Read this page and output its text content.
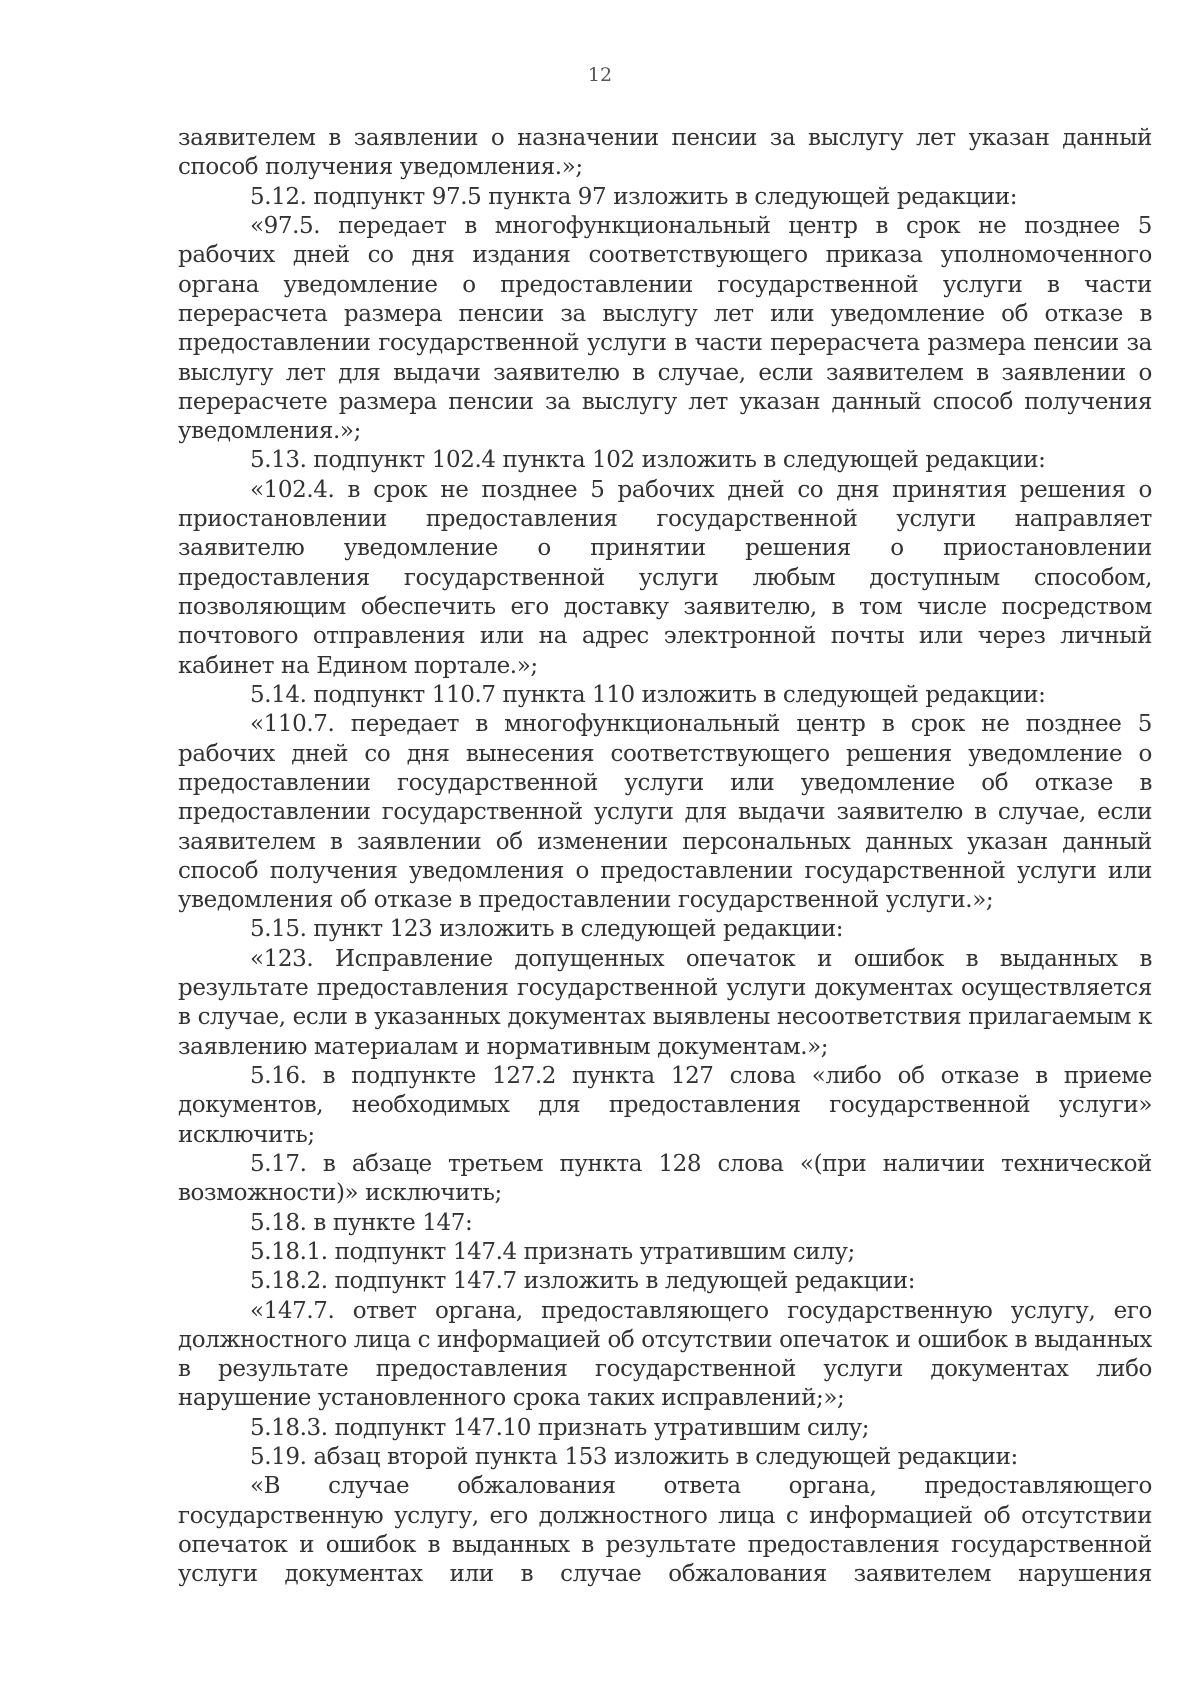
12

заявителем в заявлении о назначении пенсии за выслугу лет указан данный способ получения уведомления.»;

5.12. подпункт 97.5 пункта 97 изложить в следующей редакции:

«97.5. передает в многофункциональный центр в срок не позднее 5 рабочих дней со дня издания соответствующего приказа уполномоченного органа уведомление о предоставлении государственной услуги в части перерасчета размера пенсии за выслугу лет или уведомление об отказе в предоставлении государственной услуги в части перерасчета размера пенсии за выслугу лет для выдачи заявителю в случае, если заявителем в заявлении о перерасчете размера пенсии за выслугу лет указан данный способ получения уведомления.»;

5.13. подпункт 102.4 пункта 102 изложить в следующей редакции:

«102.4. в срок не позднее 5 рабочих дней со дня принятия решения о приостановлении предоставления государственной услуги направляет заявителю уведомление о принятии решения о приостановлении предоставления государственной услуги любым доступным способом, позволяющим обеспечить его доставку заявителю, в том числе посредством почтового отправления или на адрес электронной почты или через личный кабинет на Едином портале.»;

5.14. подпункт 110.7 пункта 110 изложить в следующей редакции:

«110.7. передает в многофункциональный центр в срок не позднее 5 рабочих дней со дня вынесения соответствующего решения уведомление о предоставлении государственной услуги или уведомление об отказе в предоставлении государственной услуги для выдачи заявителю в случае, если заявителем в заявлении об изменении персональных данных указан данный способ получения уведомления о предоставлении государственной услуги или уведомления об отказе в предоставлении государственной услуги.»;

5.15. пункт 123 изложить в следующей редакции:

«123. Исправление допущенных опечаток и ошибок в выданных в результате предоставления государственной услуги документах осуществляется в случае, если в указанных документах выявлены несоответствия прилагаемым к заявлению материалам и нормативным документам.»;

5.16. в подпункте 127.2 пункта 127 слова «либо об отказе в приеме документов, необходимых для предоставления государственной услуги» исключить;

5.17. в абзаце третьем пункта 128 слова «(при наличии технической возможности)» исключить;

5.18. в пункте 147:

5.18.1. подпункт 147.4 признать утратившим силу;

5.18.2. подпункт 147.7 изложить в ледующей редакции:

«147.7. ответ органа, предоставляющего государственную услугу, его должностного лица с информацией об отсутствии опечаток и ошибок в выданных в результате предоставления государственной услуги документах либо нарушение установленного срока таких исправлений;»;

5.18.3. подпункт 147.10 признать утратившим силу;

5.19. абзац второй пункта 153 изложить в следующей редакции:

«В случае обжалования ответа органа, предоставляющего государственную услугу, его должностного лица с информацией об отсутствии опечаток и ошибок в выданных в результате предоставления государственной услуги документах или в случае обжалования заявителем нарушения
